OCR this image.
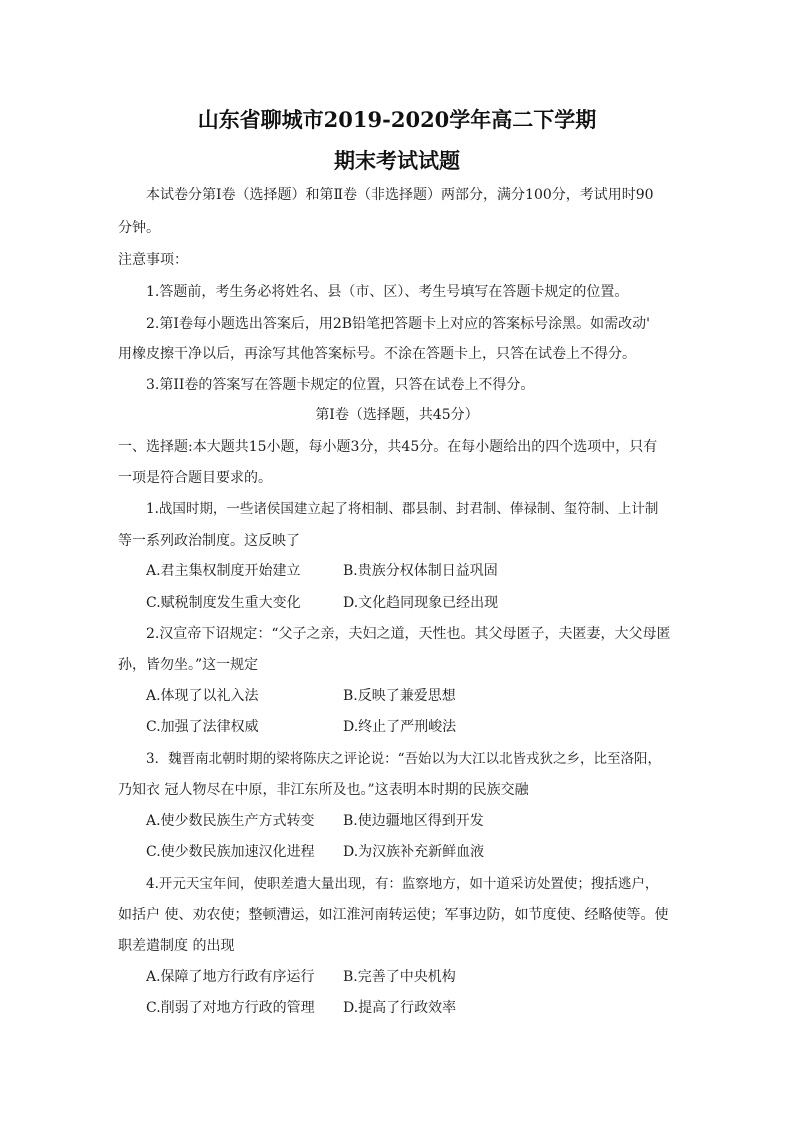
山东省聊城市2019-2020学年高二下学期
期末考试试题
本试卷分第Ⅰ卷（选择题）和第Ⅱ卷（非选择题）两部分，满分100分，考试用时90
分钟。
注意事项：
1.答题前，考生务必将姓名、县（市、区）、考生号填写在答题卡规定的位置。
2.第Ⅰ卷每小题选出答案后，用2B铅笔把答题卡上对应的答案标号涂黑。如需改动'
用橡皮擦干净以后，再涂写其他答案标号。不涂在答题卡上，只答在试卷上不得分。
3.第II卷的答案写在答题卡规定的位置，只答在试卷上不得分。
第Ⅰ卷（选择题，共45分）
一、选择题:本大题共15小题，每小题3分，共45分。在每小题给出的四个选项中，只有
一项是符合题目要求的。
1.战国时期，一些诸侯国建立起了将相制、郡县制、封君制、俸禄制、玺符制、上计制
等一系列政治制度。这反映了
A.君主集权制度开始建立	B.贵族分权体制日益巩固
C.赋税制度发生重大变化	D.文化趋同现象已经出现
2.汉宣帝下诏规定：“父子之亲，夫妇之道，天性也。其父母匿子，夫匿妻，大父母匿
孙，皆勿坐。”这一规定
A.体现了以礼入法	B.反映了兼爱思想
C.加强了法律权威	D.终止了严刑峻法
3．魏晋南北朝时期的梁将陈庆之评论说：“吾始以为大江以北皆戎狄之乡，比至洛阳，
乃知衣 冠人物尽在中原，非江东所及也。”这表明本时期的民族交融
A.使少数民族生产方式转变 B.使边疆地区得到开发
C.使少数民族加速汉化进程 D.为汉族补充新鲜血液
4.开元天宝年间，使职差遣大量出现，有：监察地方，如十道采访处置使；搜括逃户，
如括户 使、劝农使；整顿漕运，如江淮河南转运使；军事边防，如节度使、经略使等。使
职差遣制度 的出现
A.保障了地方行政有序运行 B.完善了中央机构
C.削弱了对地方行政的管理 D.提高了行政效率
